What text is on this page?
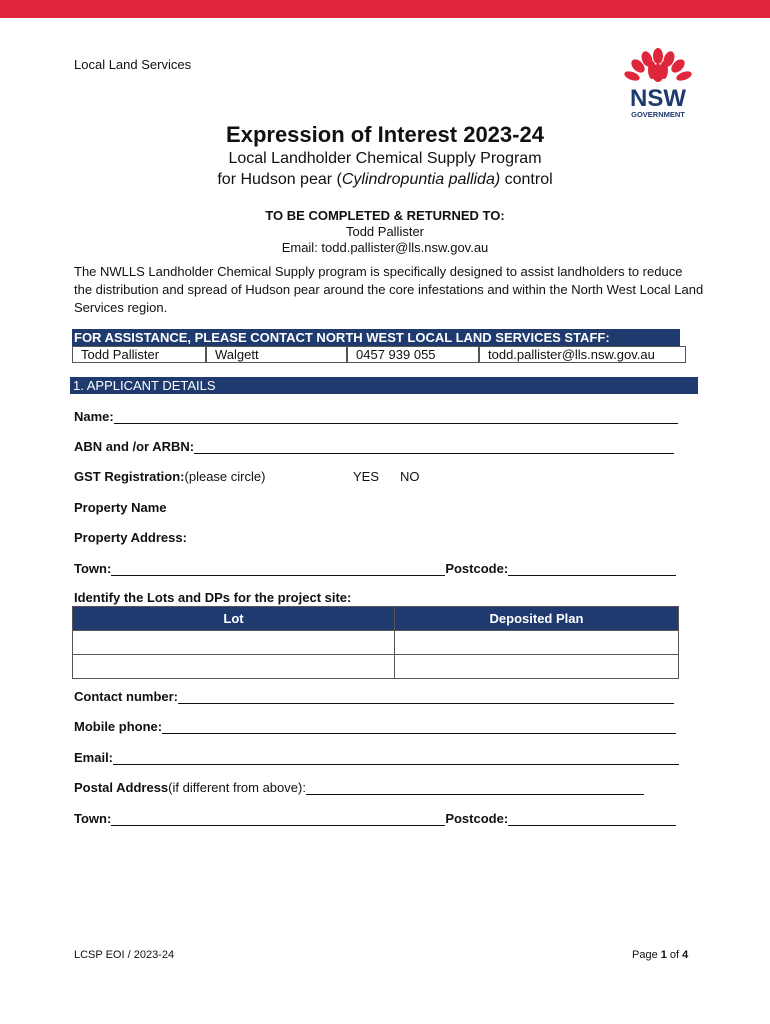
Local Land Services
NSW
GOVERNMENT
Expression of Interest 2023-24
Local Landholder Chemical Supply Program
for Hudson pear (Cylindropuntia pallida) control
TO BE COMPLETED & RETURNED TO:
Todd Pallister
Email: todd.pallister@lls.nsw.gov.au
The NWLLS Landholder Chemical Supply program is specifically designed to assist landholders to reduce the distribution and spread of Hudson pear around the core infestations and within the North West Local Land Services region.
FOR ASSISTANCE, PLEASE CONTACT NORTH WEST LOCAL LAND SERVICES STAFF:
Todd Pallister	Walgett	0457 939 055	todd.pallister@lls.nsw.gov.au
1. APPLICANT DETAILS
Name:
ABN and /or ARBN:
GST Registration: (please circle)	YES NO
Property Name
Property Address:
Town:	Postcode:
Identify the Lots and DPs for the project site:
Lot	Deposited Plan

Contact number:
Mobile phone:
Email:
Postal Address (if different from above):
Town:	Postcode:
LCSP EOI / 2023-24	Page 1 of 4
